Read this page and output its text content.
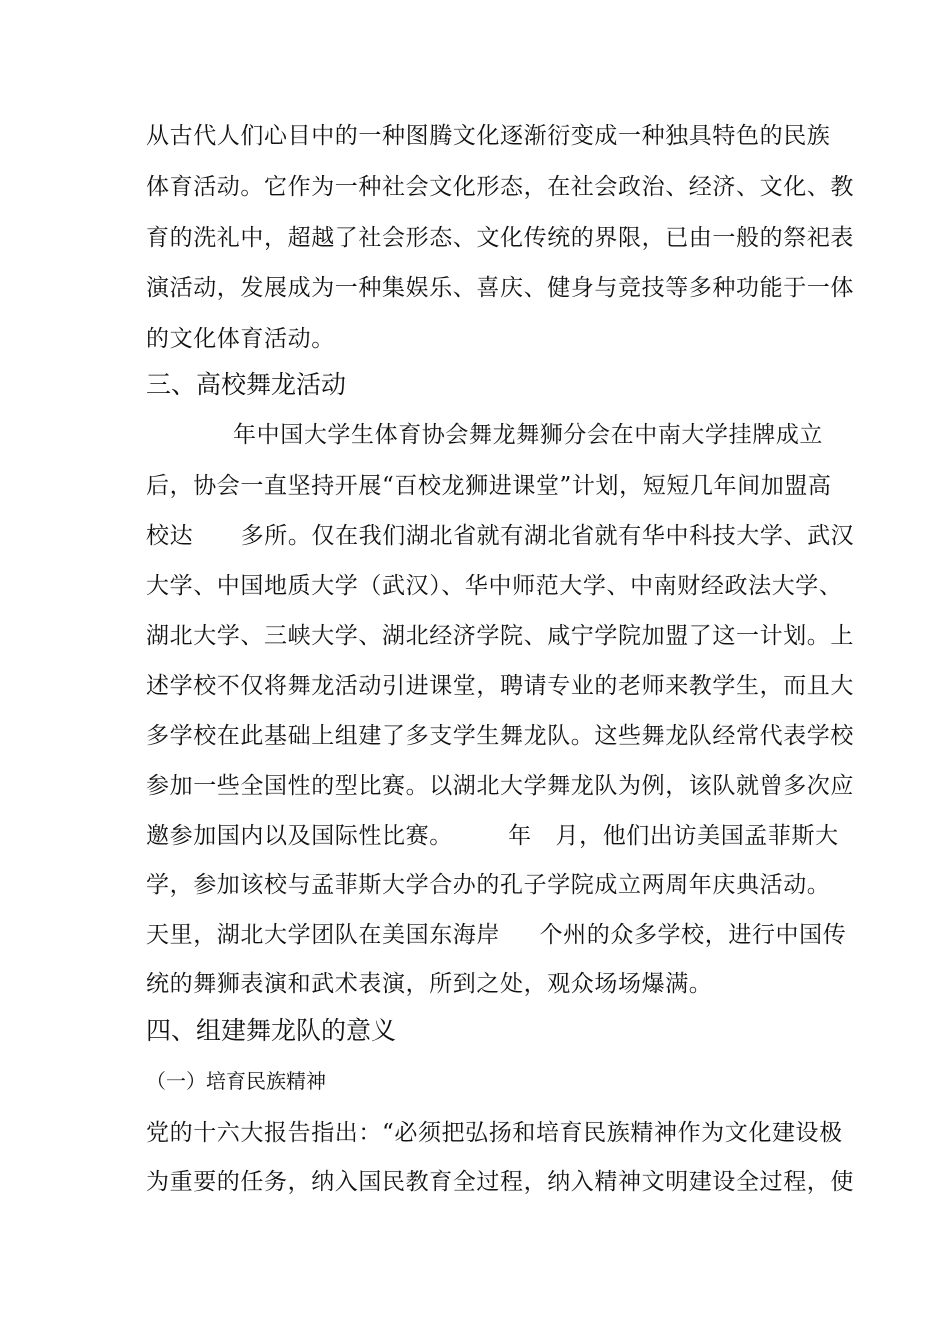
从古代人们心目中的一种图腾文化逐渐衍变成一种独具特色的民族
体育活动。它作为一种社会文化形态，在社会政治、经济、文化、教
育的洗礼中，超越了社会形态、文化传统的界限，已由一般的祭祀表
演活动，发展成为一种集娱乐、喜庆、健身与竞技等多种功能于一体
的文化体育活动。
三、高校舞龙活动
年中国大学生体育协会舞龙舞狮分会在中南大学挂牌成立
后，协会一直坚持开展“百校龙狮进课堂”计划，短短几年间加盟高
校达      多所。仅在我们湖北省就有湖北省就有华中科技大学、武汉
大学、中国地质大学（武汉）、华中师范大学、中南财经政法大学、
湖北大学、三峡大学、湖北经济学院、咸宁学院加盟了这一计划。上
述学校不仅将舞龙活动引进课堂，聘请专业的老师来教学生，而且大
多学校在此基础上组建了多支学生舞龙队。这些舞龙队经常代表学校
参加一些全国性的型比赛。以湖北大学舞龙队为例，该队就曾多次应
邀参加国内以及国际性比赛。       年   月，他们出访美国孟菲斯大
学，参加该校与孟菲斯大学合办的孔子学院成立两周年庆典活动。
天里，湖北大学团队在美国东海岸     个州的众多学校，进行中国传
统的舞狮表演和武术表演，所到之处，观众场场爆满。
四、组建舞龙队的意义
（一）培育民族精神
党的十六大报告指出：“必须把弘扬和培育民族精神作为文化建设极
为重要的任务，纳入国民教育全过程，纳入精神文明建设全过程，使
